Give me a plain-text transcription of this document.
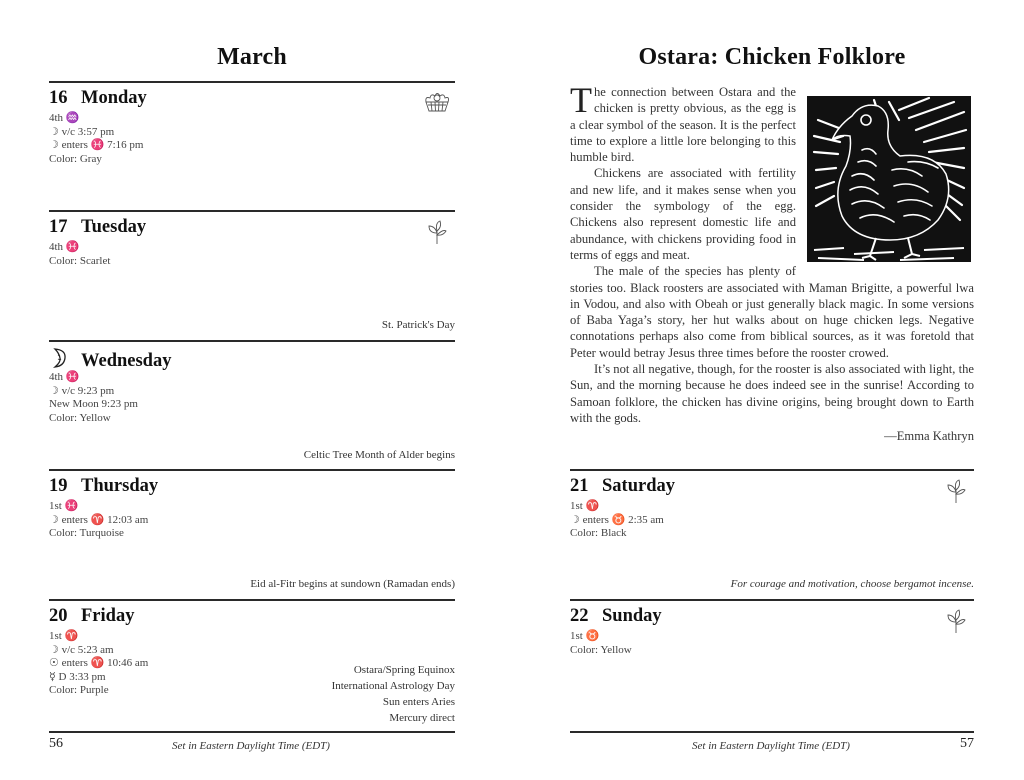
March
16 Monday
4th ♒
☽ v/c 3:57 pm
☽ enters ♓ 7:16 pm
Color: Gray
17 Tuesday
4th ♓
Color: Scarlet
St. Patrick's Day
Wednesday
4th ♓
☽ v/c 9:23 pm
New Moon 9:23 pm
Color: Yellow
Celtic Tree Month of Alder begins
19 Thursday
1st ♓
☽ enters ♈ 12:03 am
Color: Turquoise
Eid al-Fitr begins at sundown (Ramadan ends)
20 Friday
1st ♈
☽ v/c 5:23 am
☉ enters ♈ 10:46 am
☿ D 3:33 pm
Color: Purple
Ostara/Spring Equinox
International Astrology Day
Sun enters Aries
Mercury direct
56	Set in Eastern Daylight Time (EDT)
Ostara: Chicken Folklore

The connection between Ostara and the chicken is pretty obvious, as the egg is a clear symbol of the season. It is the perfect time to explore a little lore belonging to this humble bird.

Chickens are associated with fertility and new life, and it makes sense when you consider the symbology of the egg. Chickens also represent domestic life and abundance, with chickens providing food in terms of eggs and meat.

The male of the species has plenty of stories too. Black roosters are associated with Maman Brigitte, a powerful lwa in Vodou, and also with Obeah or just generally black magic. In some versions of Baba Yaga’s story, her hut walks about on huge chicken legs. Negative connotations perhaps also come from biblical sources, as it was foretold that Peter would betray Jesus three times before the rooster crowed.

It’s not all negative, though, for the rooster is also associated with light, the Sun, and the morning because he does indeed see in the sunrise! According to Samoan folklore, the chicken has divine origins, being brought down to Earth with the gods.

—Emma Kathryn
21 Saturday
1st ♈
☽ enters ♉ 2:35 am
Color: Black
For courage and motivation, choose bergamot incense.
22 Sunday
1st ♉
Color: Yellow
Set in Eastern Daylight Time (EDT)	57
